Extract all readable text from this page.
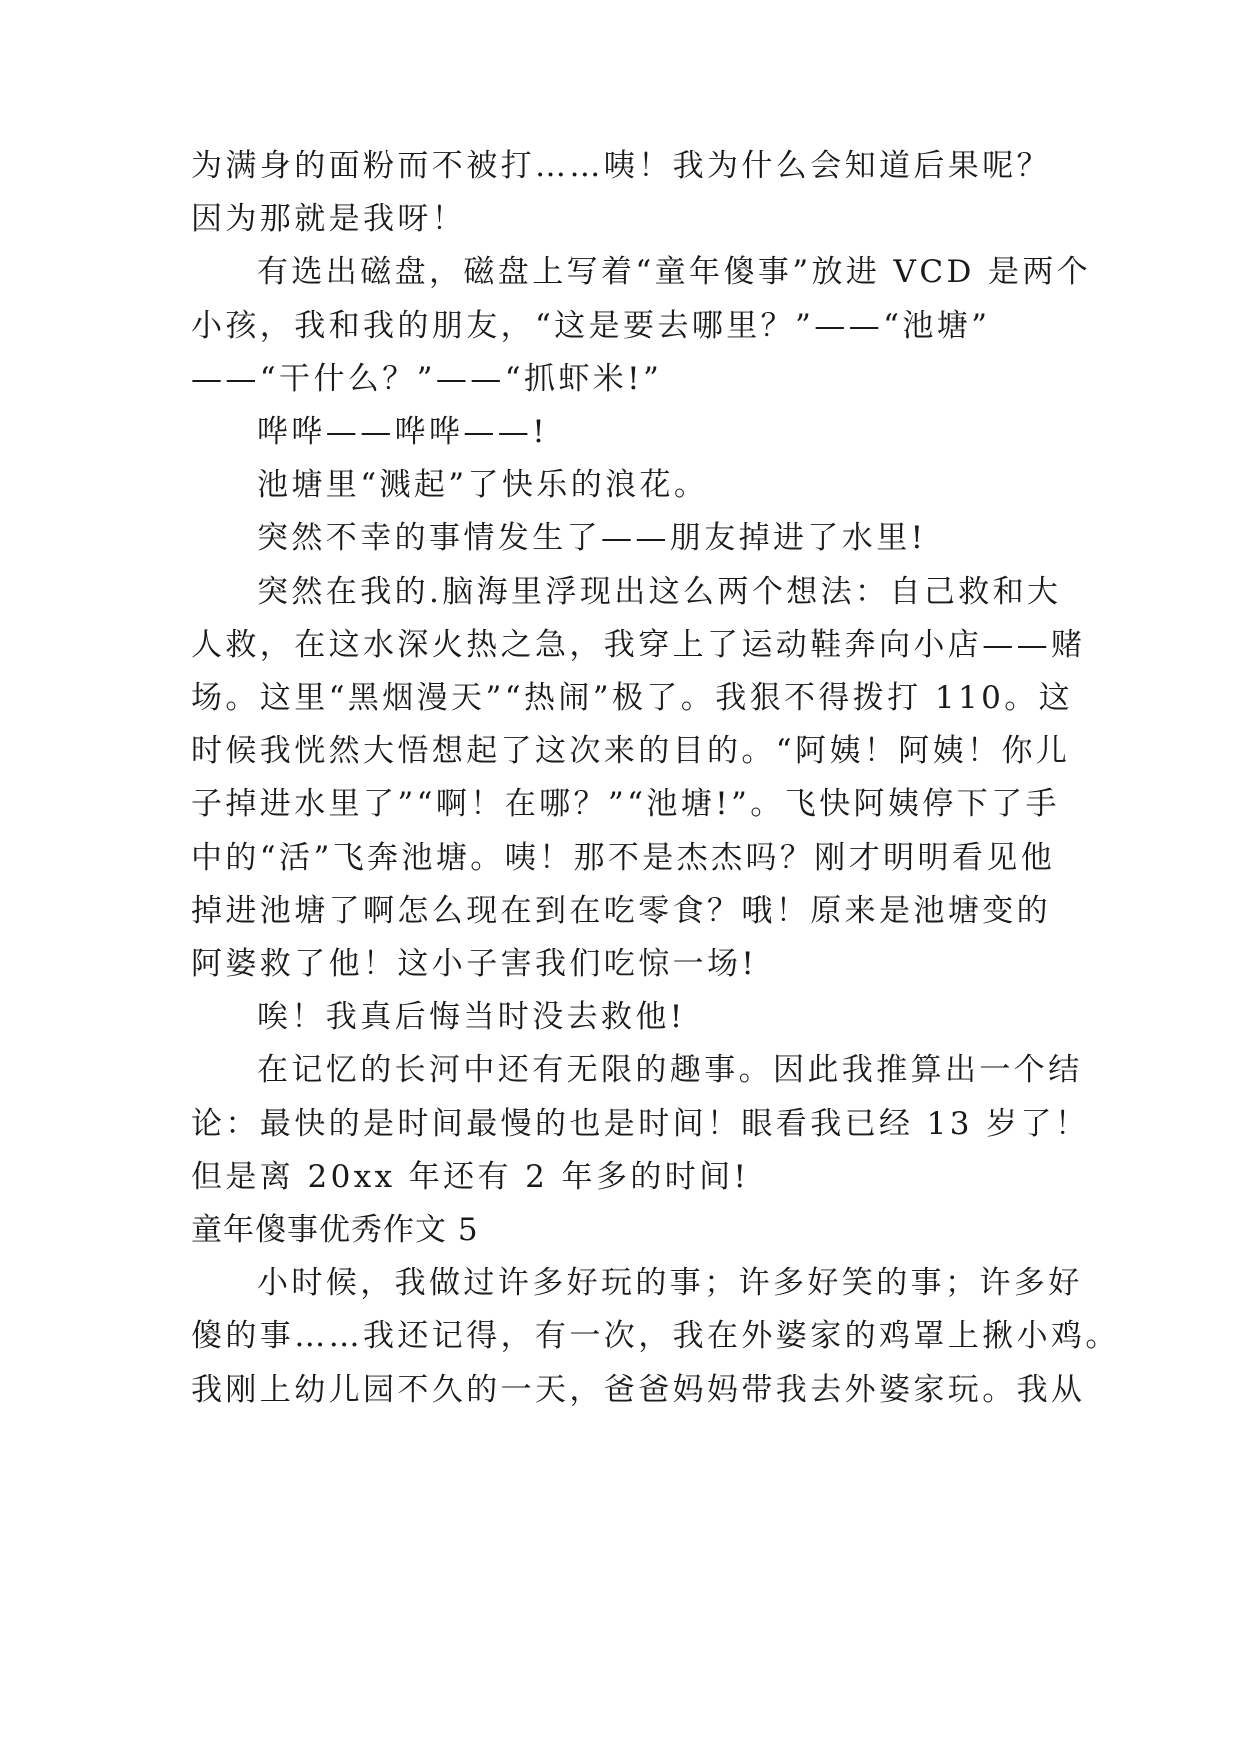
为满身的面粉而不被打……咦！我为什么会知道后果呢？
因为那就是我呀！
有选出磁盘，磁盘上写着“童年傻事”放进 VCD 是两个
小孩，我和我的朋友，“这是要去哪里？”——“池塘”
——“干什么？”——“抓虾米!”
哗哗——哗哗——!
池塘里“溅起”了快乐的浪花。
突然不幸的事情发生了——朋友掉进了水里!
突然在我的.脑海里浮现出这么两个想法：自己救和大
人救，在这水深火热之急，我穿上了运动鞋奔向小店——赌
场。这里“黑烟漫天”“热闹”极了。我狠不得拨打 110。这
时候我恍然大悟想起了这次来的目的。“阿姨！阿姨！你儿
子掉进水里了”“啊！在哪？”“池塘!”。飞快阿姨停下了手
中的“活”飞奔池塘。咦！那不是杰杰吗？刚才明明看见他
掉进池塘了啊怎么现在到在吃零食？哦！原来是池塘变的
阿婆救了他！这小子害我们吃惊一场!
唉！我真后悔当时没去救他!
在记忆的长河中还有无限的趣事。因此我推算出一个结
论：最快的是时间最慢的也是时间！眼看我已经 13 岁了！
但是离 20xx 年还有 2 年多的时间!
童年傻事优秀作文 5
小时候，我做过许多好玩的事；许多好笑的事；许多好
傻的事……我还记得，有一次，我在外婆家的鸡罩上揪小鸡。
我刚上幼儿园不久的一天，爸爸妈妈带我去外婆家玩。我从
